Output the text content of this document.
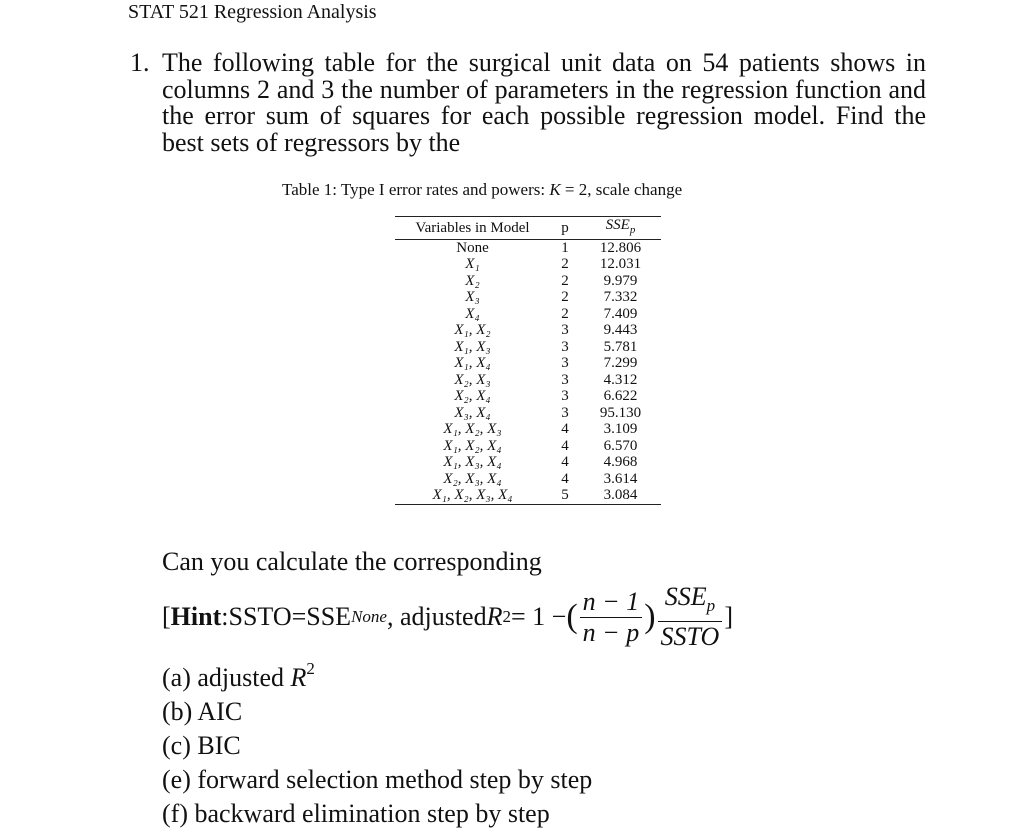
STAT 521 Regression Analysis
1. The following table for the surgical unit data on 54 patients shows in columns 2 and 3 the number of parameters in the regression function and the error sum of squares for each possible regression model. Find the best sets of regressors by the
Table 1: Type I error rates and powers: K = 2, scale change
Variables in Model	p	$SSE_p$
None	1	12.806
X₁	2	12.031
X₂	2	9.979
X₃	2	7.332
X₄	2	7.409
X₁, X₂	3	9.443
X₁, X₃	3	5.781
X₁, X₄	3	7.299
X₂, X₃	3	4.312
X₂, X₄	3	6.622
X₃, X₄	3	95.130
X₁, X₂, X₃	4	3.109
X₁, X₂, X₄	4	6.570
X₁, X₃, X₄	4	4.968
X₂, X₃, X₄	4	3.614
X₁, X₂, X₃, X₄	5	3.084
Can you calculate the corresponding
[ Hint : SSTO=SSE None , adjusted R 2 = 1 − ( $\frac{n - 1}{n - p}$ ) $\frac{SSE_p}{\text{SSTO}}$ ]
(a) adjusted $R^2$
(b) AIC
(c) BIC
(e) forward selection method step by step
(f) backward elimination step by step
